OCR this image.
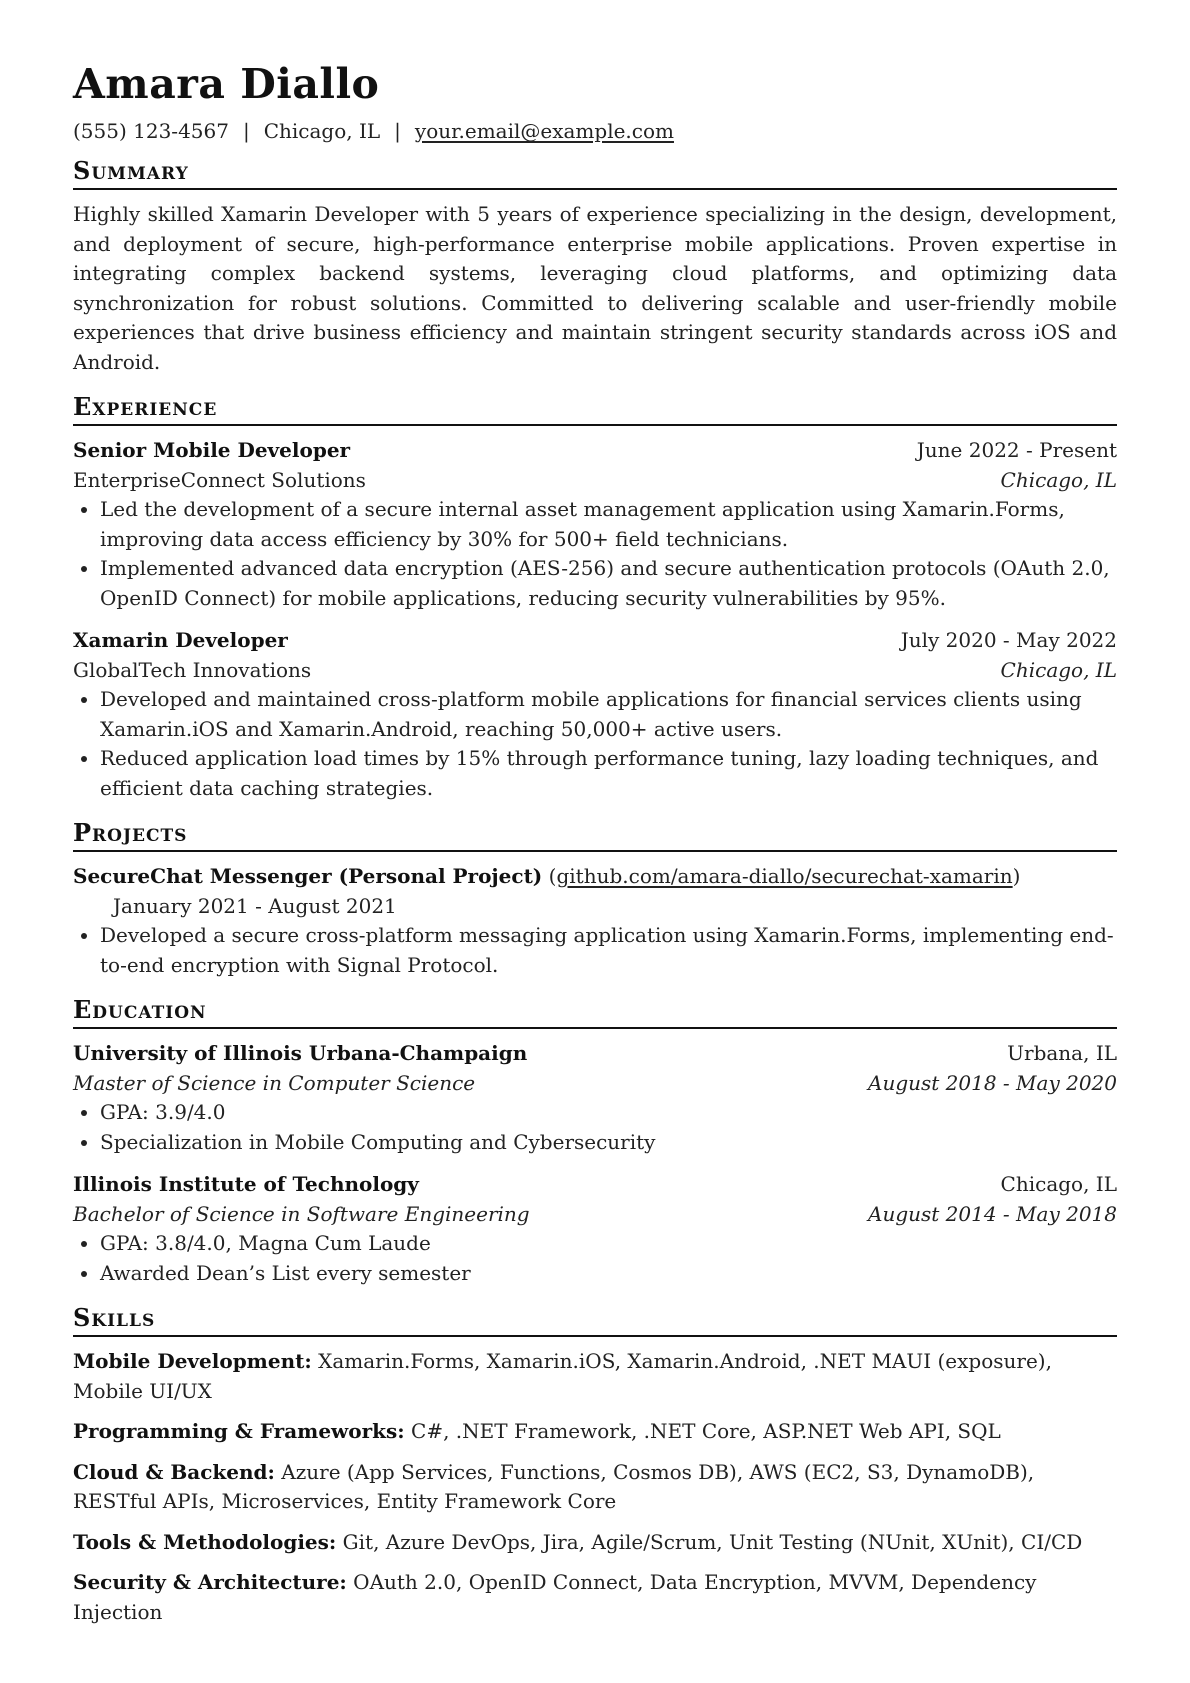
Amara Diallo
(555) 123-4567 | Chicago, IL | your.email@example.com
Summary

Highly skilled Xamarin Developer with 5 years of experience specializing in the design, development, and deployment of secure, high-performance enterprise mobile applications. Proven expertise in integrating complex backend systems, leveraging cloud platforms, and optimizing data synchronization for robust solutions. Committed to delivering scalable and user-friendly mobile experiences that drive business efficiency and maintain stringent security standards across iOS and Android.

Experience
Senior Mobile Developer	June 2022 - Present
EnterpriseConnect Solutions	Chicago, IL
• Led the development of a secure internal asset management application using Xamarin.Forms, improving data access efficiency by 30% for 500+ field technicians.
• Implemented advanced data encryption (AES-256) and secure authentication protocols (OAuth 2.0, OpenID Connect) for mobile applications, reducing security vulnerabilities by 95%.
Xamarin Developer	July 2020 - May 2022
GlobalTech Innovations	Chicago, IL
• Developed and maintained cross-platform mobile applications for financial services clients using Xamarin.iOS and Xamarin.Android, reaching 50,000+ active users.
• Reduced application load times by 15% through performance tuning, lazy loading techniques, and efficient data caching strategies.
Projects
SecureChat Messenger (Personal Project) (github.com/amara-diallo/securechat-xamarin) January 2021 - August 2021
• Developed a secure cross-platform messaging application using Xamarin.Forms, implementing end-to-end encryption with Signal Protocol.
Education
University of Illinois Urbana-Champaign	Urbana, IL
Master of Science in Computer Science	August 2018 - May 2020
• GPA: 3.9/4.0
• Specialization in Mobile Computing and Cybersecurity
Illinois Institute of Technology	Chicago, IL
Bachelor of Science in Software Engineering	August 2014 - May 2018
• GPA: 3.8/4.0, Magna Cum Laude
• Awarded Dean’s List every semester
Skills
Mobile Development: Xamarin.Forms, Xamarin.iOS, Xamarin.Android, .NET MAUI (exposure), Mobile UI/UX
Programming & Frameworks: C#, .NET Framework, .NET Core, ASP.NET Web API, SQL
Cloud & Backend: Azure (App Services, Functions, Cosmos DB), AWS (EC2, S3, DynamoDB), RESTful APIs, Microservices, Entity Framework Core
Tools & Methodologies: Git, Azure DevOps, Jira, Agile/Scrum, Unit Testing (NUnit, XUnit), CI/CD
Security & Architecture: OAuth 2.0, OpenID Connect, Data Encryption, MVVM, Dependency Injection
